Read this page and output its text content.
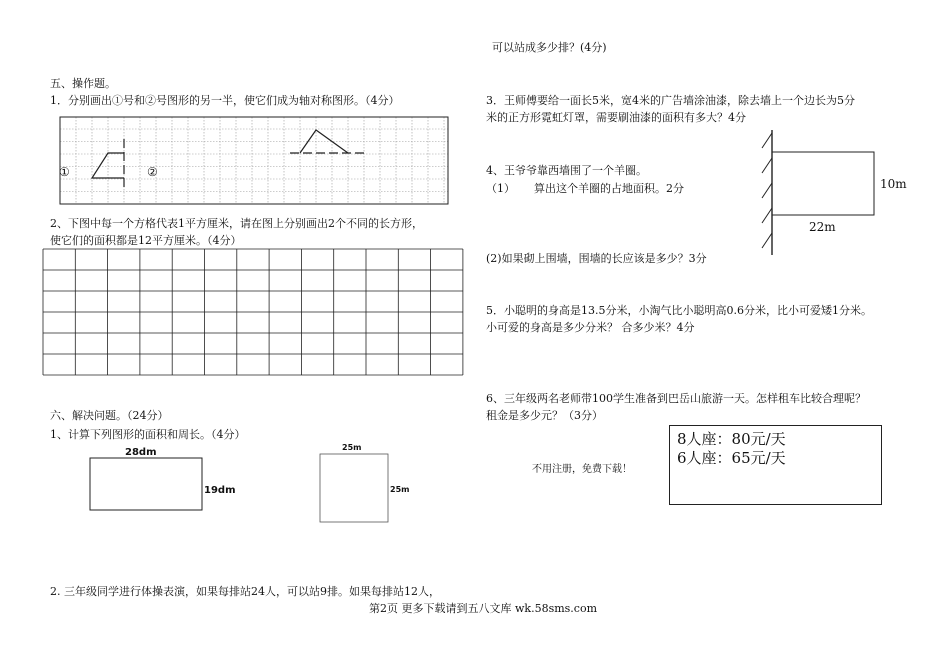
可以站成多少排？(4分)
五、操作题。
1．分别画出①号和②号图形的另一半，使它们成为轴对称图形。（4分）
①	②
2、下图中每一个方格代表1平方厘米，请在图上分别画出2个不同的长方形，
使它们的面积都是12平方厘米。（4分）
六、解决问题。（24分）
1、计算下列图形的面积和周长。（4分）
28dm
19dm
25m
25m
2. 三年级同学进行体操表演，如果每排站24人，可以站9排。如果每排站12人，
3．王师傅要给一面长5米，宽4米的广告墙涂油漆，除去墙上一个边长为5分
米的正方形霓虹灯罩，需要刷油漆的面积有多大？4分
4、王爷爷靠西墙围了一个羊圈。
（1） 算出这个羊圈的占地面积。2分
(2)如果砌上围墙，围墙的长应该是多少？3分
10m
22m
5．小聪明的身高是13.5分米，小淘气比小聪明高0.6分米，比小可爱矮1分米。
小可爱的身高是多少分米？ 合多少米？4分
6、三年级两名老师带100学生准备到巴岳山旅游一天。怎样租车比较合理呢？
租金是多少元？（3分）
不用注册，免费下载！
8人座：80元/天
6人座：65元/天
第2页 更多下载请到五八文库 wk.58sms.com
